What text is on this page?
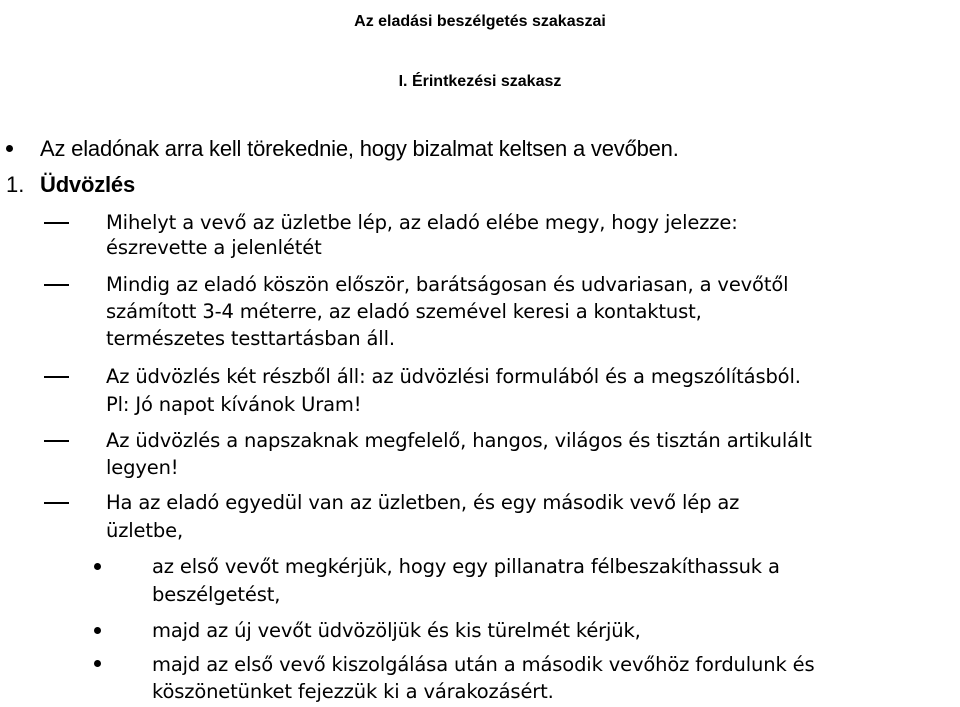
Az eladási beszélgetés szakaszai
I. Érintkezési szakasz
Az eladónak arra kell törekednie, hogy bizalmat keltsen a vevőben.
1. Üdvözlés
Mihelyt a vevő az üzletbe lép, az eladó elébe megy, hogy jelezze:
észrevette a jelenlétét
Mindig az eladó köszön először, barátságosan és udvariasan, a vevőtől
számított 3-4 méterre, az eladó szemével keresi a kontaktust,
természetes testtartásban áll.
Az üdvözlés két részből áll: az üdvözlési formulából és a megszólításból.
Pl: Jó napot kívánok Uram!
Az üdvözlés a napszaknak megfelelő, hangos, világos és tisztán artikulált
legyen!
Ha az eladó egyedül van az üzletben, és egy második vevő lép az
üzletbe,
az első vevőt megkérjük, hogy egy pillanatra félbeszakíthassuk a
beszélgetést,
majd az új vevőt üdvözöljük és kis türelmét kérjük,
majd az első vevő kiszolgálása után a második vevőhöz fordulunk és
köszönetünket fejezzük ki a várakozásért.
